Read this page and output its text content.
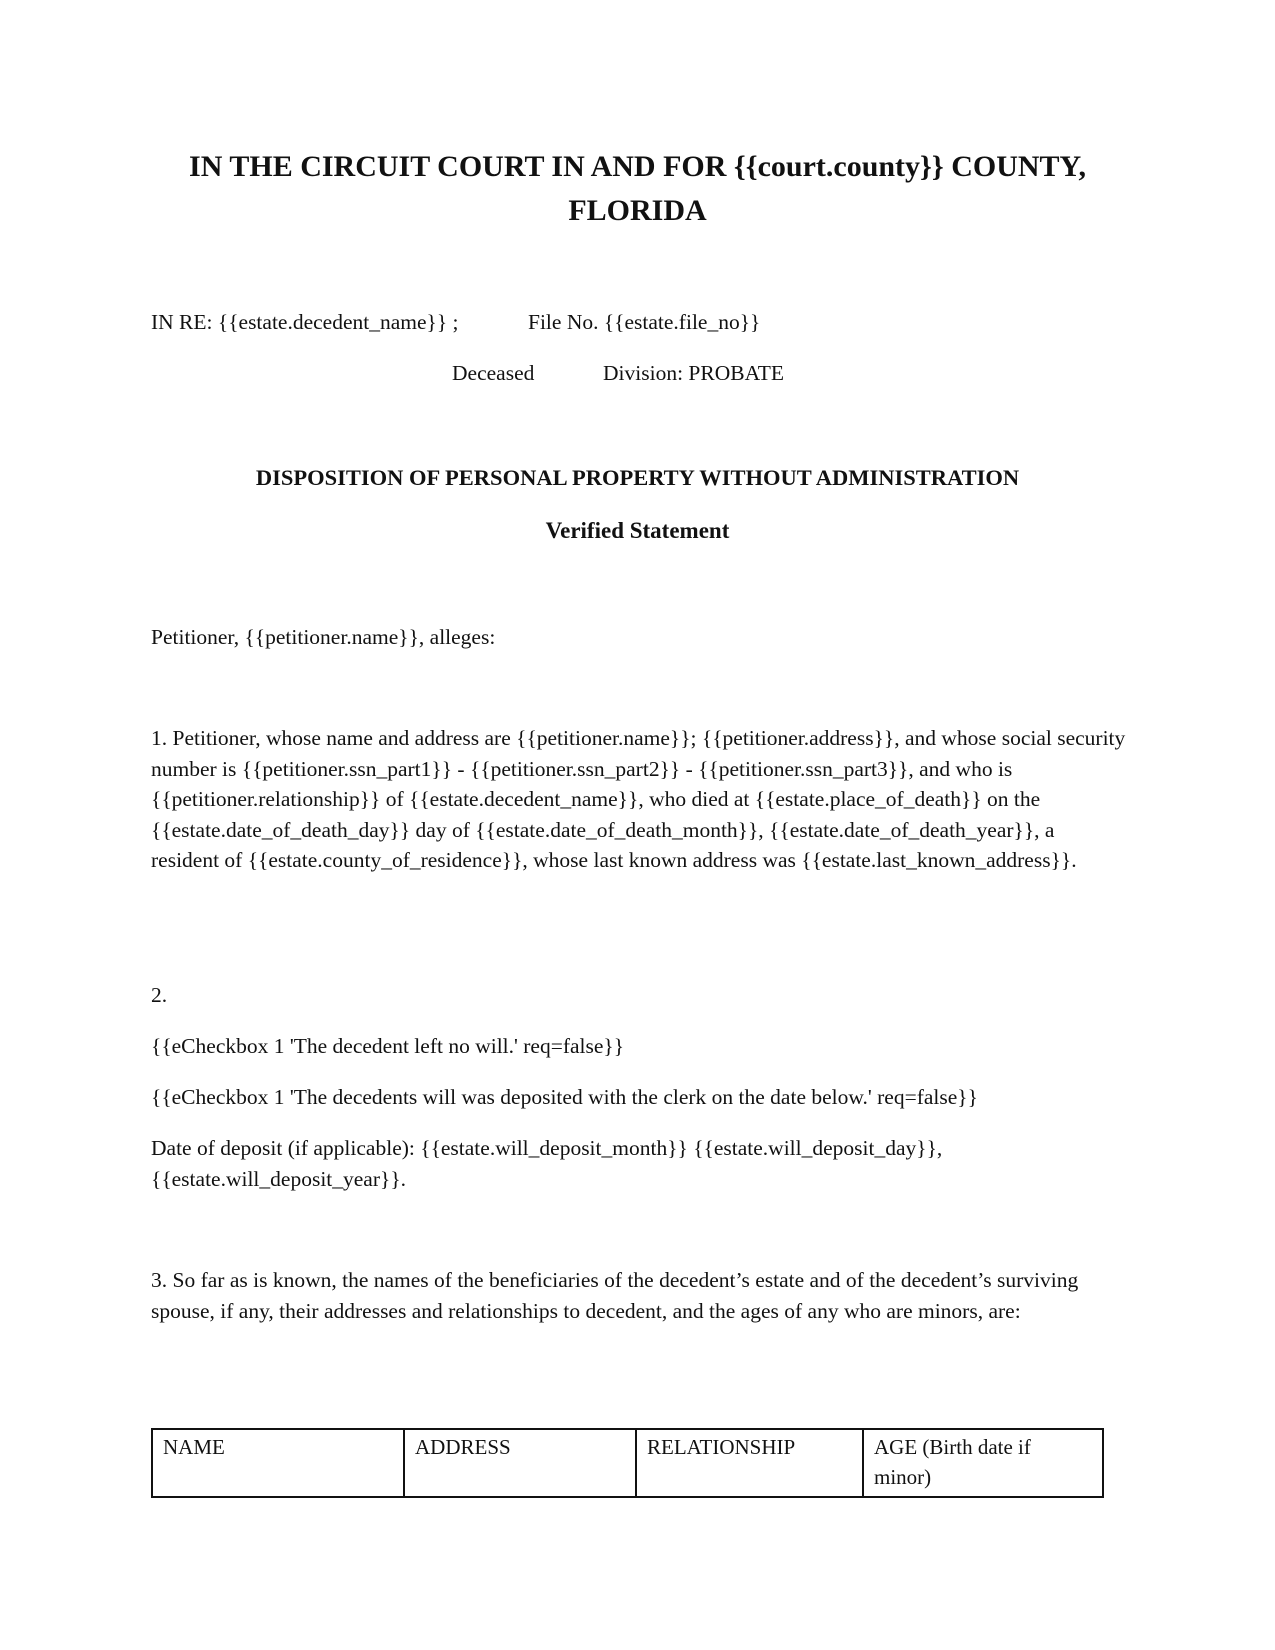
IN THE CIRCUIT COURT IN AND FOR {{court.county}} COUNTY, FLORIDA
IN RE: {{estate.decedent_name}} ;	File No. {{estate.file_no}}
Deceased	Division: PROBATE
DISPOSITION OF PERSONAL PROPERTY WITHOUT ADMINISTRATION
Verified Statement
Petitioner, {{petitioner.name}}, alleges:
1. Petitioner, whose name and address are {{petitioner.name}}; {{petitioner.address}}, and whose social security number is {{petitioner.ssn_part1}} - {{petitioner.ssn_part2}} - {{petitioner.ssn_part3}}, and who is {{petitioner.relationship}} of {{estate.decedent_name}}, who died at {{estate.place_of_death}} on the {{estate.date_of_death_day}} day of {{estate.date_of_death_month}}, {{estate.date_of_death_year}}, a resident of {{estate.county_of_residence}}, whose last known address was {{estate.last_known_address}}.
2.
{{eCheckbox 1 'The decedent left no will.' req=false}}
{{eCheckbox 1 'The decedents will was deposited with the clerk on the date below.' req=false}}
Date of deposit (if applicable): {{estate.will_deposit_month}} {{estate.will_deposit_day}}, {{estate.will_deposit_year}}.
3. So far as is known, the names of the beneficiaries of the decedent’s estate and of the decedent’s surviving spouse, if any, their addresses and relationships to decedent, and the ages of any who are minors, are:
NAME	ADDRESS	RELATIONSHIP	AGE (Birth date if minor)
